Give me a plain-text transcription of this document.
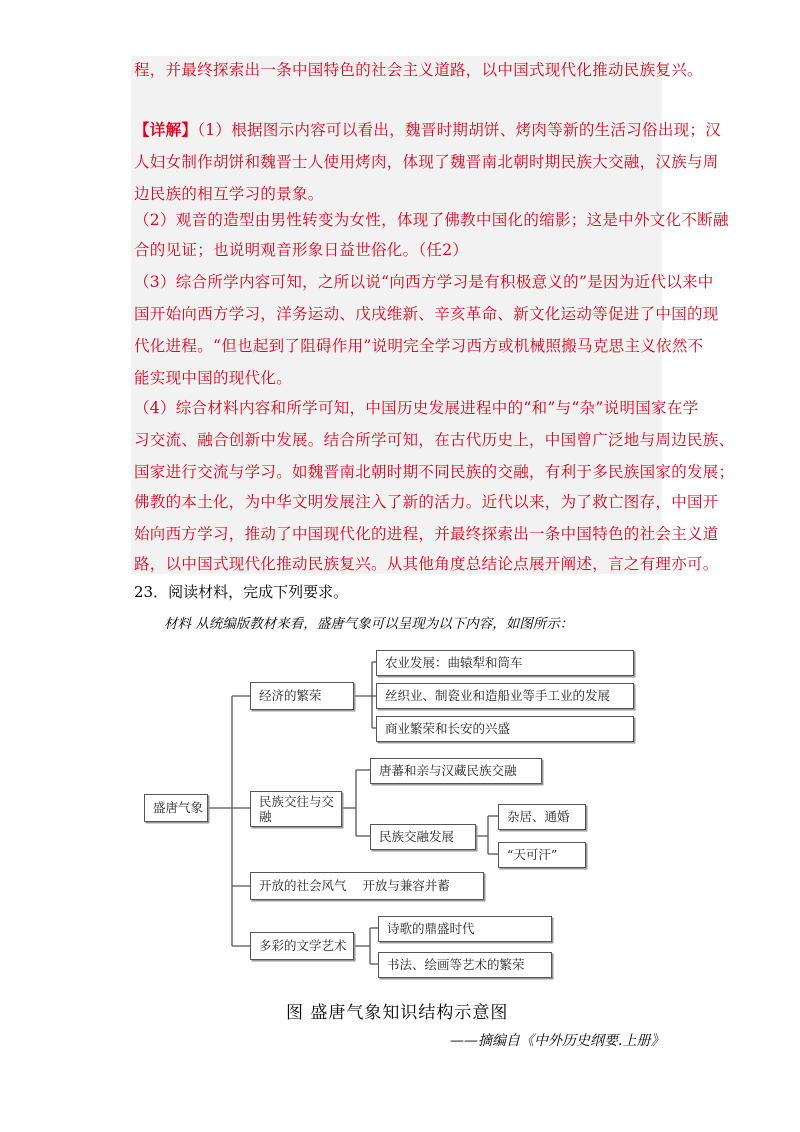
程，并最终探索出一条中国特色的社会主义道路，以中国式现代化推动民族复兴。
【详解】（1）根据图示内容可以看出，魏晋时期胡饼、烤肉等新的生活习俗出现；汉
人妇女制作胡饼和魏晋士人使用烤肉，体现了魏晋南北朝时期民族大交融，汉族与周
边民族的相互学习的景象。
（2）观音的造型由男性转变为女性，体现了佛教中国化的缩影；这是中外文化不断融
合的见证；也说明观音形象日益世俗化。（任2）
（3）综合所学内容可知，之所以说“向西方学习是有积极意义的”是因为近代以来中
国开始向西方学习，洋务运动、戊戌维新、辛亥革命、新文化运动等促进了中国的现
代化进程。“但也起到了阻碍作用”说明完全学习西方或机械照搬马克思主义依然不
能实现中国的现代化。
（4）综合材料内容和所学可知，中国历史发展进程中的“和”与“杂”说明国家在学
习交流、融合创新中发展。结合所学可知，在古代历史上，中国曾广泛地与周边民族、
国家进行交流与学习。如魏晋南北朝时期不同民族的交融，有利于多民族国家的发展；
佛教的本土化，为中华文明发展注入了新的活力。近代以来，为了救亡图存，中国开
始向西方学习，推动了中国现代化的进程，并最终探索出一条中国特色的社会主义道
路，以中国式现代化推动民族复兴。从其他角度总结论点展开阐述，言之有理亦可。
23．阅读材料，完成下列要求。
材料 从统编版教材来看，盛唐气象可以呈现为以下内容，如图所示：
盛唐气象
经济的繁荣
农业发展：曲辕犁和筒车
丝织业、制瓷业和造船业等手工业的发展
商业繁荣和长安的兴盛
民族交往与交融
唐蕃和亲与汉藏民族交融
民族交融发展
杂居、通婚
“天可汗”
开放的社会风气    开放与兼容并蓄
多彩的文学艺术
诗歌的鼎盛时代
书法、绘画等艺术的繁荣
图 盛唐气象知识结构示意图
——摘编自《中外历史纲要.上册》
